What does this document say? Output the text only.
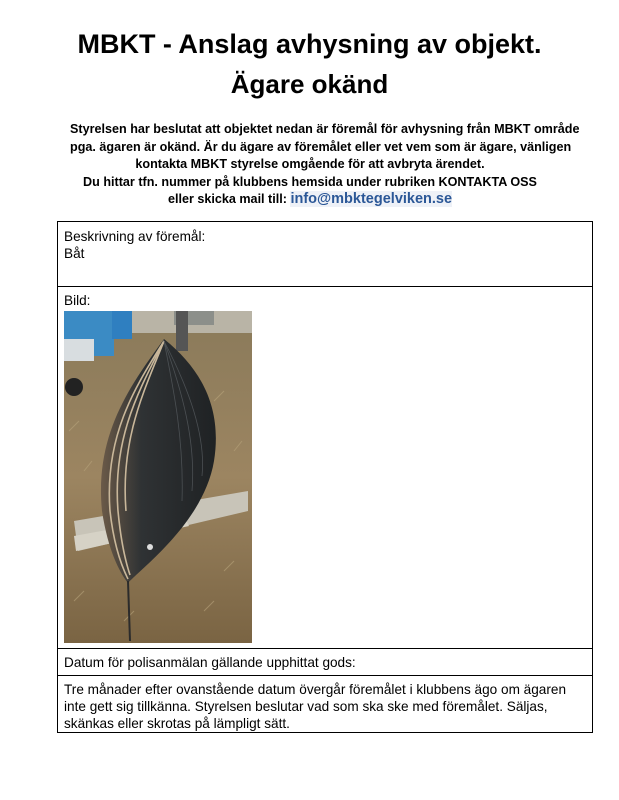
MBKT - Anslag avhysning av objekt.
Ägare okänd
Styrelsen har beslutat att objektet nedan är föremål för avhysning från MBKT område
pga. ägaren är okänd. Är du ägare av föremålet eller vet vem som är ägare, vänligen
kontakta MBKT styrelse omgående för att avbryta ärendet.
Du hittar tfn. nummer på klubbens hemsida under rubriken KONTAKTA OSS
eller skicka mail till: info@mbktegelviken.se
Beskrivning av föremål:
Båt
Bild:
Datum för polisanmälan gällande upphittat gods:
Tre månader efter ovanstående datum övergår föremålet i klubbens ägo om ägaren inte gett sig tillkänna. Styrelsen beslutar vad som ska ske med föremålet. Säljas, skänkas eller skrotas på lämpligt sätt.
